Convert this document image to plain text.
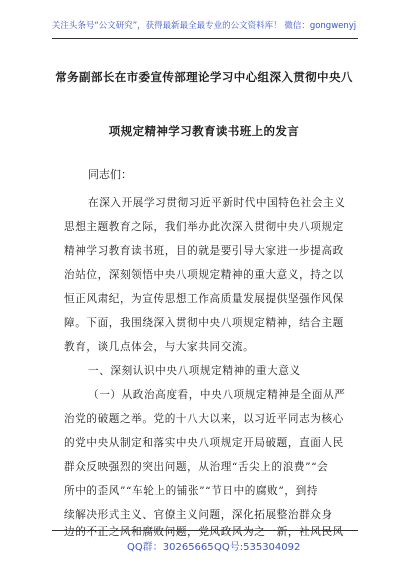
关注头条号“公文研究”，获得最新最全最专业的公文资料库！ 微信：gongwenyj
常务副部长在市委宣传部理论学习中心组深入贯彻中央八
项规定精神学习教育读书班上的发言
同志们：
在深入开展学习贯彻习近平新时代中国特色社会主义
思想主题教育之际，我们举办此次深入贯彻中央八项规定
精神学习教育读书班，目的就是要引导大家进一步提高政
治站位，深刻领悟中央八项规定精神的重大意义，持之以
恒正风肃纪，为宣传思想工作高质量发展提供坚强作风保
障。下面，我围绕深入贯彻中央八项规定精神，结合主题
教育，谈几点体会，与大家共同交流。
一、深刻认识中央八项规定精神的重大意义
（一）从政治高度看，中央八项规定精神是全面从严
治党的破题之举。党的十八大以来，以习近平同志为核心
的党中央从制定和落实中央八项规定开局破题，直面人民
群众反映强烈的突出问题，从治理“舌尖上的浪费”“会
所中的歪风”“车轮上的铺张”“节日中的腐败”，到持
续解决形式主义、官僚主义问题，深化拓展整治群众身
边的不正之风和腐败问题，党风政风为之一新，社风民风
QQ群：30265665 QQ号:535304092
